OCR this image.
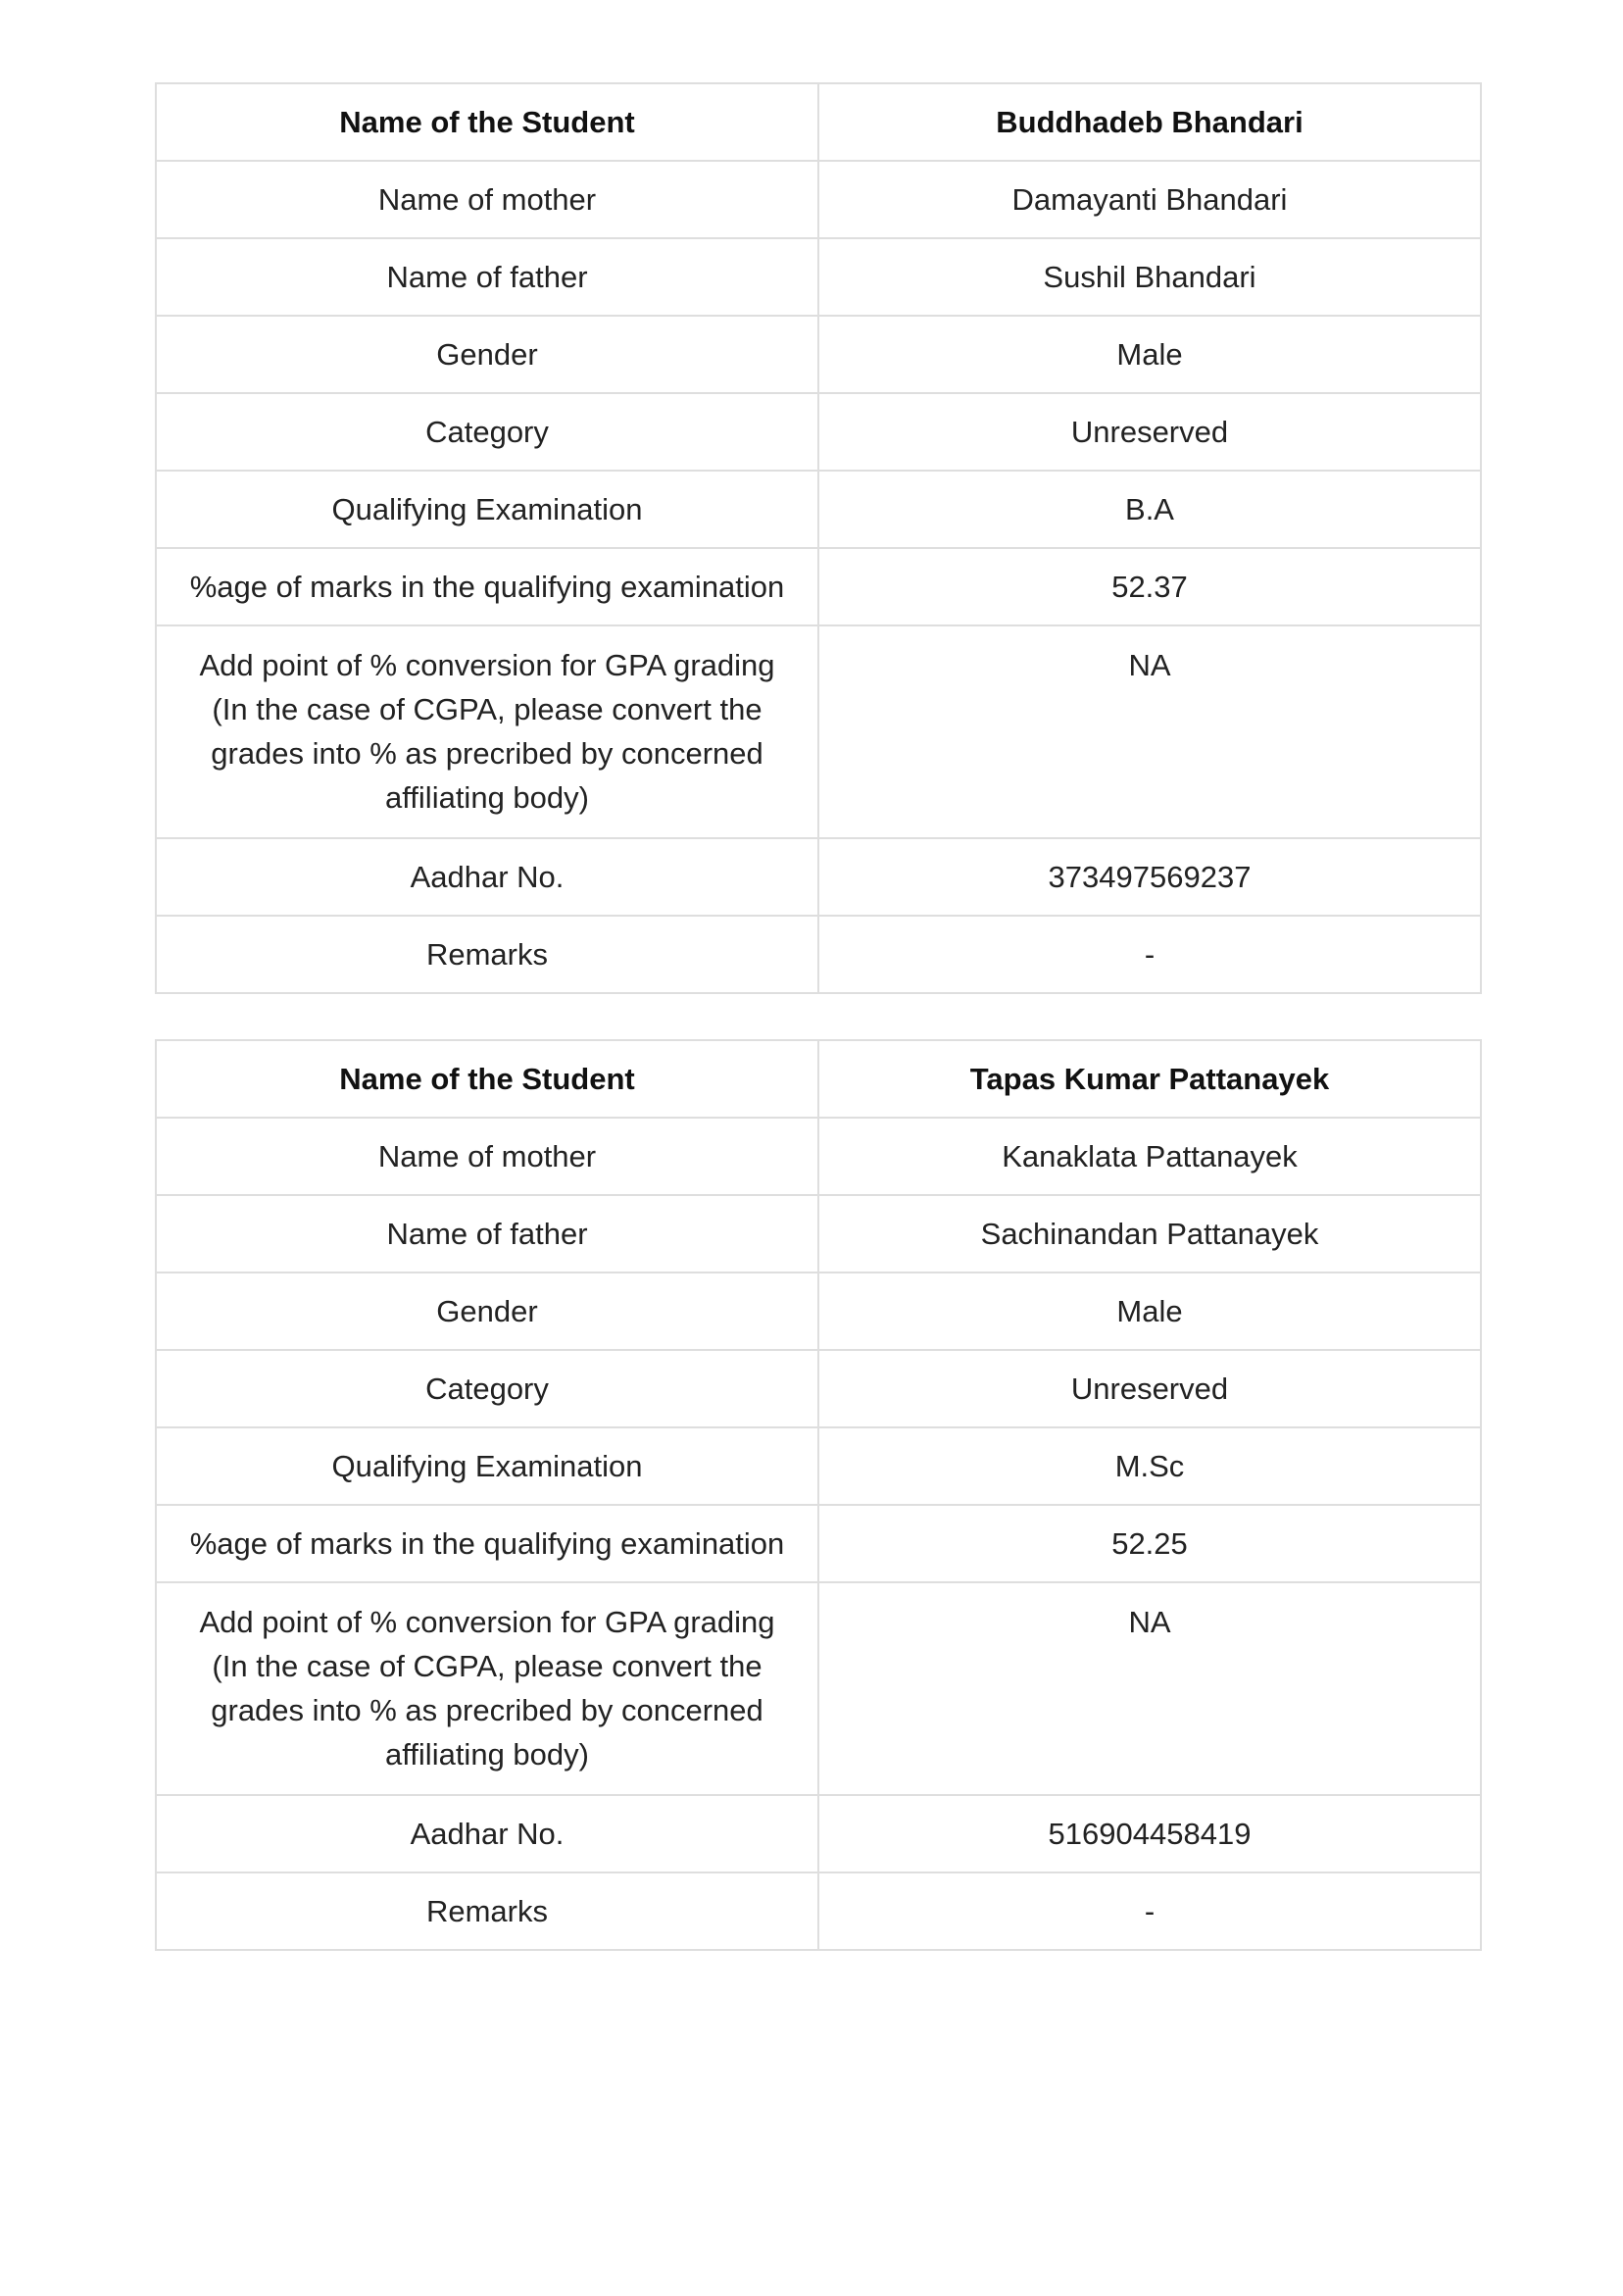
Name of the Student	Buddhadeb Bhandari
Name of mother	Damayanti Bhandari
Name of father	Sushil Bhandari
Gender	Male
Category	Unreserved
Qualifying Examination	B.A
%age of marks in the qualifying examination	52.37
Add point of % conversion for GPA grading (In the case of CGPA, please convert the grades into % as precribed by concerned affiliating body)	NA
Aadhar No.	373497569237
Remarks	-
Name of the Student	Tapas Kumar Pattanayek
Name of mother	Kanaklata Pattanayek
Name of father	Sachinandan Pattanayek
Gender	Male
Category	Unreserved
Qualifying Examination	M.Sc
%age of marks in the qualifying examination	52.25
Add point of % conversion for GPA grading (In the case of CGPA, please convert the grades into % as precribed by concerned affiliating body)	NA
Aadhar No.	516904458419
Remarks	-
